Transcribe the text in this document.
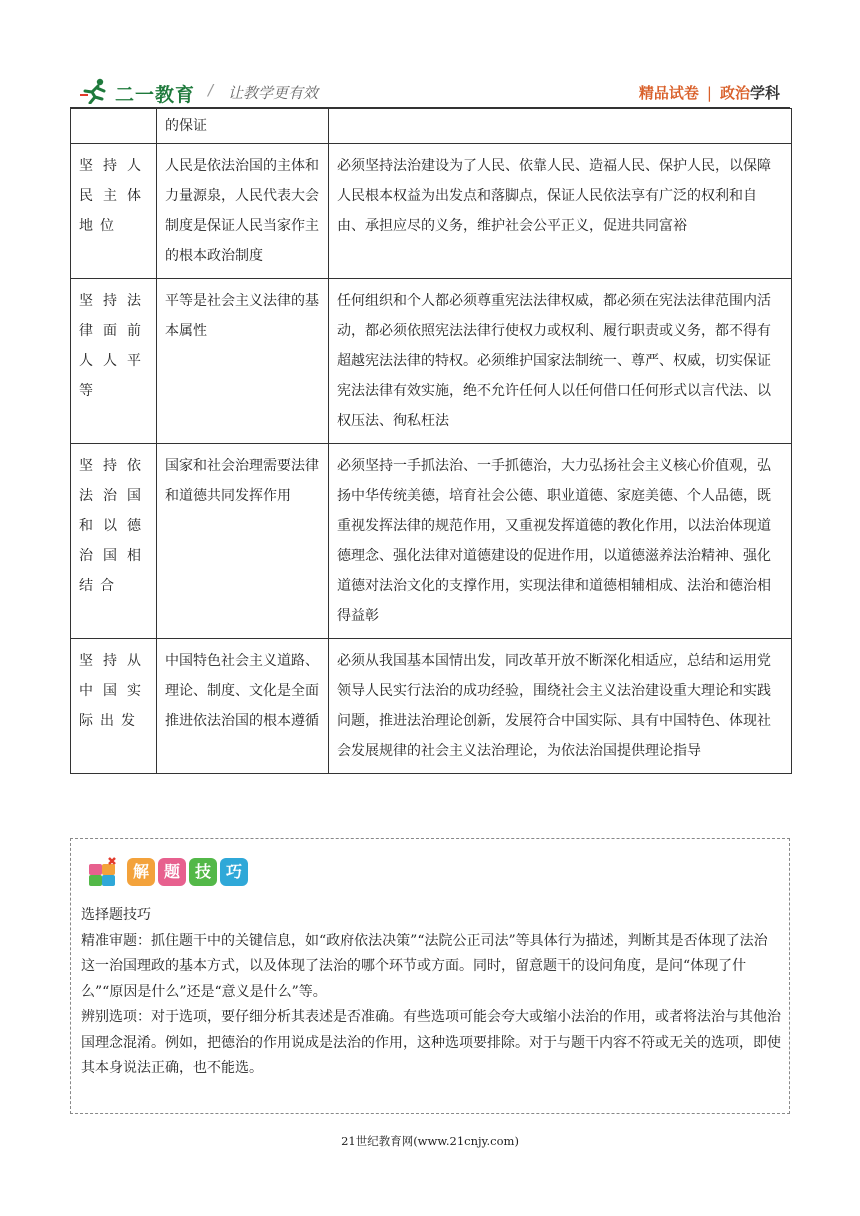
二一教育 / 让教学更有效	精品试卷 | 政治学科
	的保证	
坚持人民主体地位	人民是依法治国的主体和力量源泉，人民代表大会制度是保证人民当家作主的根本政治制度	必须坚持法治建设为了人民、依靠人民、造福人民、保护人民，以保障人民根本权益为出发点和落脚点，保证人民依法享有广泛的权利和自由、承担应尽的义务，维护社会公平正义，促进共同富裕
坚持法律面前人人平等	平等是社会主义法律的基本属性	任何组织和个人都必须尊重宪法法律权威，都必须在宪法法律范围内活动，都必须依照宪法法律行使权力或权利、履行职责或义务，都不得有超越宪法法律的特权。必须维护国家法制统一、尊严、权威，切实保证宪法法律有效实施，绝不允许任何人以任何借口任何形式以言代法、以权压法、徇私枉法
坚持依法治国和以德治国相结合	国家和社会治理需要法律和道德共同发挥作用	必须坚持一手抓法治、一手抓德治，大力弘扬社会主义核心价值观，弘扬中华传统美德，培育社会公德、职业道德、家庭美德、个人品德，既重视发挥法律的规范作用，又重视发挥道德的教化作用，以法治体现道德理念、强化法律对道德建设的促进作用，以道德滋养法治精神、强化道德对法治文化的支撑作用，实现法律和道德相辅相成、法治和德治相得益彰
坚持从中国实际出发	中国特色社会主义道路、理论、制度、文化是全面推进依法治国的根本遵循	必须从我国基本国情出发，同改革开放不断深化相适应，总结和运用党领导人民实行法治的成功经验，围绕社会主义法治建设重大理论和实践问题，推进法治理论创新，发展符合中国实际、具有中国特色、体现社会发展规律的社会主义法治理论，为依法治国提供理论指导
解 题 技 巧

选择题技巧

精准审题：抓住题干中的关键信息，如“政府依法决策”“法院公正司法”等具体行为描述，判断其是否体现了法治这一治国理政的基本方式，以及体现了法治的哪个环节或方面。同时，留意题干的设问角度，是问“体现了什么”“原因是什么”还是“意义是什么”等。

辨别选项：对于选项，要仔细分析其表述是否准确。有些选项可能会夸大或缩小法治的作用，或者将法治与其他治国理念混淆。例如，把德治的作用说成是法治的作用，这种选项要排除。对于与题干内容不符或无关的选项，即使其本身说法正确，也不能选。

21世纪教育网(www.21cnjy.com)
